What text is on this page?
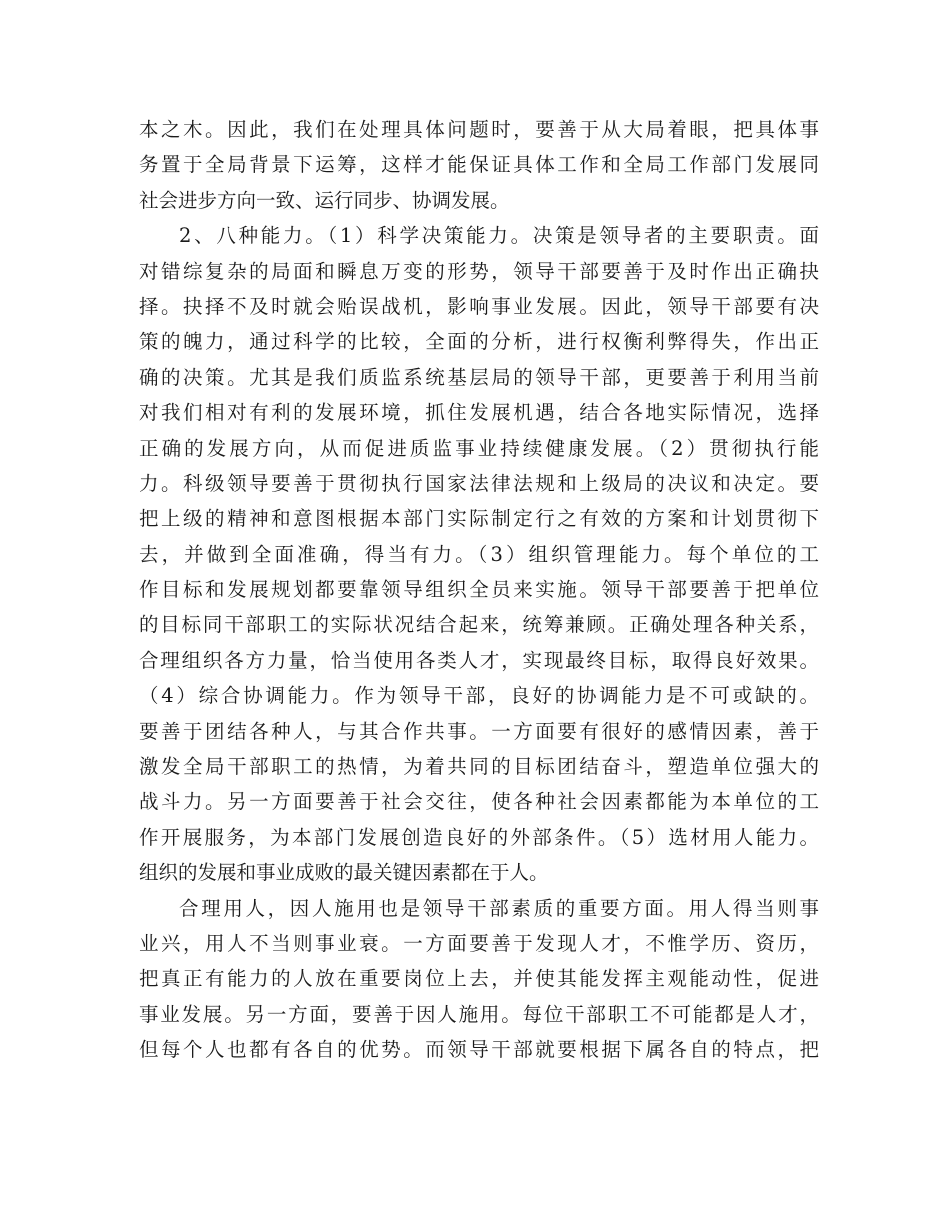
本之木。因此，我们在处理具体问题时，要善于从大局着眼，把具体事
务置于全局背景下运筹，这样才能保证具体工作和全局工作部门发展同
社会进步方向一致、运行同步、协调发展。
2、八种能力。（1）科学决策能力。决策是领导者的主要职责。面
对错综复杂的局面和瞬息万变的形势，领导干部要善于及时作出正确抉
择。抉择不及时就会贻误战机，影响事业发展。因此，领导干部要有决
策的魄力，通过科学的比较，全面的分析，进行权衡利弊得失，作出正
确的决策。尤其是我们质监系统基层局的领导干部，更要善于利用当前
对我们相对有利的发展环境，抓住发展机遇，结合各地实际情况，选择
正确的发展方向，从而促进质监事业持续健康发展。（2）贯彻执行能
力。科级领导要善于贯彻执行国家法律法规和上级局的决议和决定。要
把上级的精神和意图根据本部门实际制定行之有效的方案和计划贯彻下
去，并做到全面准确，得当有力。（3）组织管理能力。每个单位的工
作目标和发展规划都要靠领导组织全员来实施。领导干部要善于把单位
的目标同干部职工的实际状况结合起来，统筹兼顾。正确处理各种关系，
合理组织各方力量，恰当使用各类人才，实现最终目标，取得良好效果。
（4）综合协调能力。作为领导干部，良好的协调能力是不可或缺的。
要善于团结各种人，与其合作共事。一方面要有很好的感情因素，善于
激发全局干部职工的热情，为着共同的目标团结奋斗，塑造单位强大的
战斗力。另一方面要善于社会交往，使各种社会因素都能为本单位的工
作开展服务，为本部门发展创造良好的外部条件。（5）选材用人能力。
组织的发展和事业成败的最关键因素都在于人。
合理用人，因人施用也是领导干部素质的重要方面。用人得当则事
业兴，用人不当则事业衰。一方面要善于发现人才，不惟学历、资历，
把真正有能力的人放在重要岗位上去，并使其能发挥主观能动性，促进
事业发展。另一方面，要善于因人施用。每位干部职工不可能都是人才，
但每个人也都有各自的优势。而领导干部就要根据下属各自的特点，把
